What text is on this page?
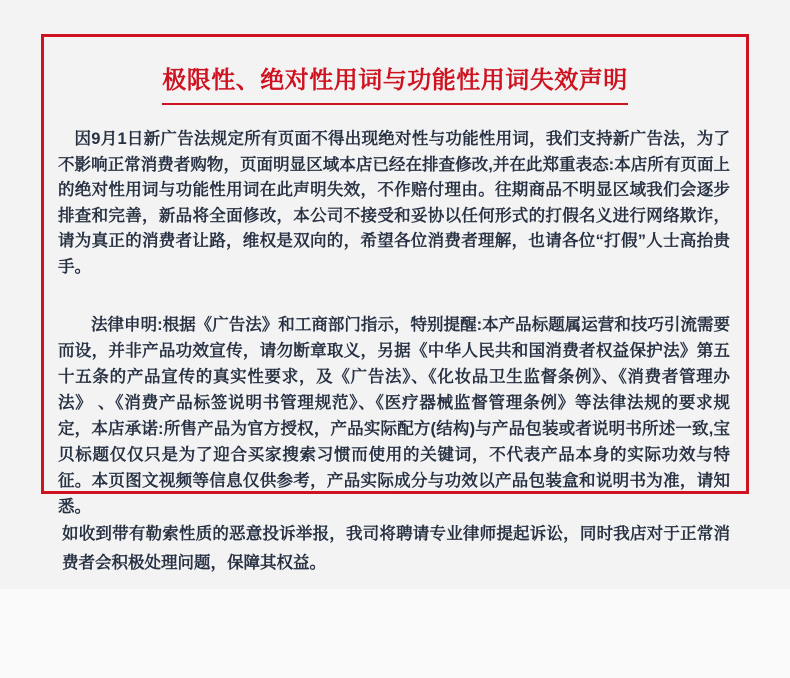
极限性、绝对性用词与功能性用词失效声明

因9月1日新广告法规定所有页面不得出现绝对性与功能性用词，我们支持新广告法，为了不影响正常消费者购物，页面明显区域本店已经在排查修改,并在此郑重表态:本店所有页面上的绝对性用词与功能性用词在此声明失效，不作赔付理由。往期商品不明显区域我们会逐步排查和完善，新品将全面修改，本公司不接受和妥协以任何形式的打假名义进行网络欺诈，请为真正的消费者让路，维权是双向的，希望各位消费者理解，也请各位“打假”人士高抬贵手。

法律申明:根据《广告法》和工商部门指示，特别提醒:本产品标题属运营和技巧引流需要而设，并非产品功效宣传，请勿断章取义，另据《中华人民共和国消费者权益保护法》第五十五条的产品宣传的真实性要求，及《广告法》、《化妆品卫生监督条例》、《消费者管理办法》 、《消费产品标签说明书管理规范》、《医疗器械监督管理条例》等法律法规的要求规定，本店承诺:所售产品为官方授权，产品实际配方(结构)与产品包装或者说明书所述一致,宝贝标题仅仅只是为了迎合买家搜索习惯而使用的关键词，不代表产品本身的实际功效与特征。本页图文视频等信息仅供参考，产品实际成分与功效以产品包装盒和说明书为准，请知悉。

如收到带有勒索性质的恶意投诉举报，我司将聘请专业律师提起诉讼，同时我店对于正常消费者会积极处理问题，保障其权益。
